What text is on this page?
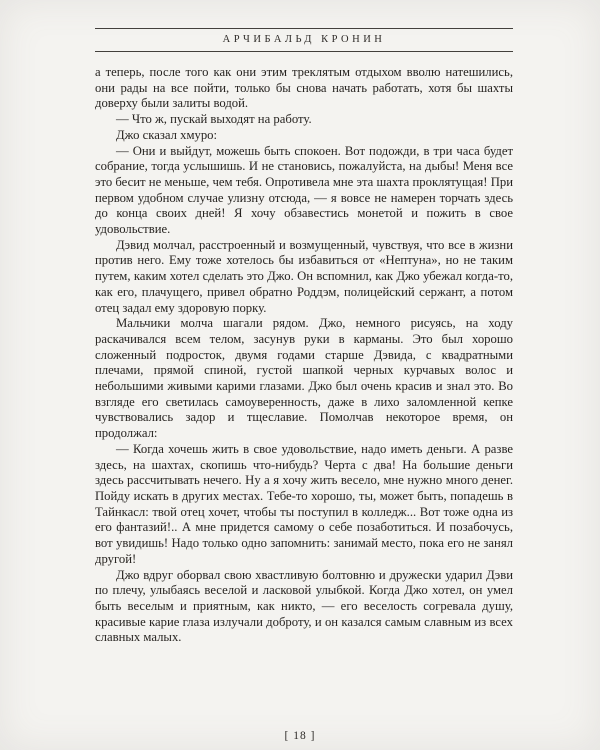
АРЧИБАЛЬД КРОНИН

а теперь, после того как они этим треклятым отдыхом вволю натешились, они рады на все пойти, только бы снова начать работать, хотя бы шахты доверху были залиты водой.

— Что ж, пускай выходят на работу.

Джо сказал хмуро:

— Они и выйдут, можешь быть спокоен. Вот подожди, в три часа будет собрание, тогда услышишь. И не становись, пожалуйста, на дыбы! Меня все это бесит не меньше, чем тебя. Опротивела мне эта шахта проклятущая! При первом удобном случае улизну отсюда, — я вовсе не намерен торчать здесь до конца своих дней! Я хочу обзавестись монетой и пожить в свое удовольствие.

Дэвид молчал, расстроенный и возмущенный, чувствуя, что все в жизни против него. Ему тоже хотелось бы избавиться от «Нептуна», но не таким путем, каким хотел сделать это Джо. Он вспомнил, как Джо убежал когда-то, как его, плачущего, привел обратно Роддэм, полицейский сержант, а потом отец задал ему здоровую порку.

Мальчики молча шагали рядом. Джо, немного рисуясь, на ходу раскачивался всем телом, засунув руки в карманы. Это был хорошо сложенный подросток, двумя годами старше Дэвида, с квадратными плечами, прямой спиной, густой шапкой черных курчавых волос и небольшими живыми карими глазами. Джо был очень красив и знал это. Во взгляде его светилась самоуверенность, даже в лихо заломленной кепке чувствовались задор и тщеславие. Помолчав некоторое время, он продолжал:

— Когда хочешь жить в свое удовольствие, надо иметь деньги. А разве здесь, на шахтах, скопишь что-нибудь? Черта с два! На большие деньги здесь рассчитывать нечего. Ну а я хочу жить весело, мне нужно много денег. Пойду искать в других местах. Тебе-то хорошо, ты, может быть, попадешь в Тайнкасл: твой отец хочет, чтобы ты поступил в колледж... Вот тоже одна из его фантазий!.. А мне придется самому о себе позаботиться. И позабочусь, вот увидишь! Надо только одно запомнить: занимай место, пока его не занял другой!

Джо вдруг оборвал свою хвастливую болтовню и дружески ударил Дэви по плечу, улыбаясь веселой и ласковой улыбкой. Когда Джо хотел, он умел быть веселым и приятным, как никто, — его веселость согревала душу, красивые карие глаза излучали доброту, и он казался самым славным из всех славных малых.

[ 18 ]
